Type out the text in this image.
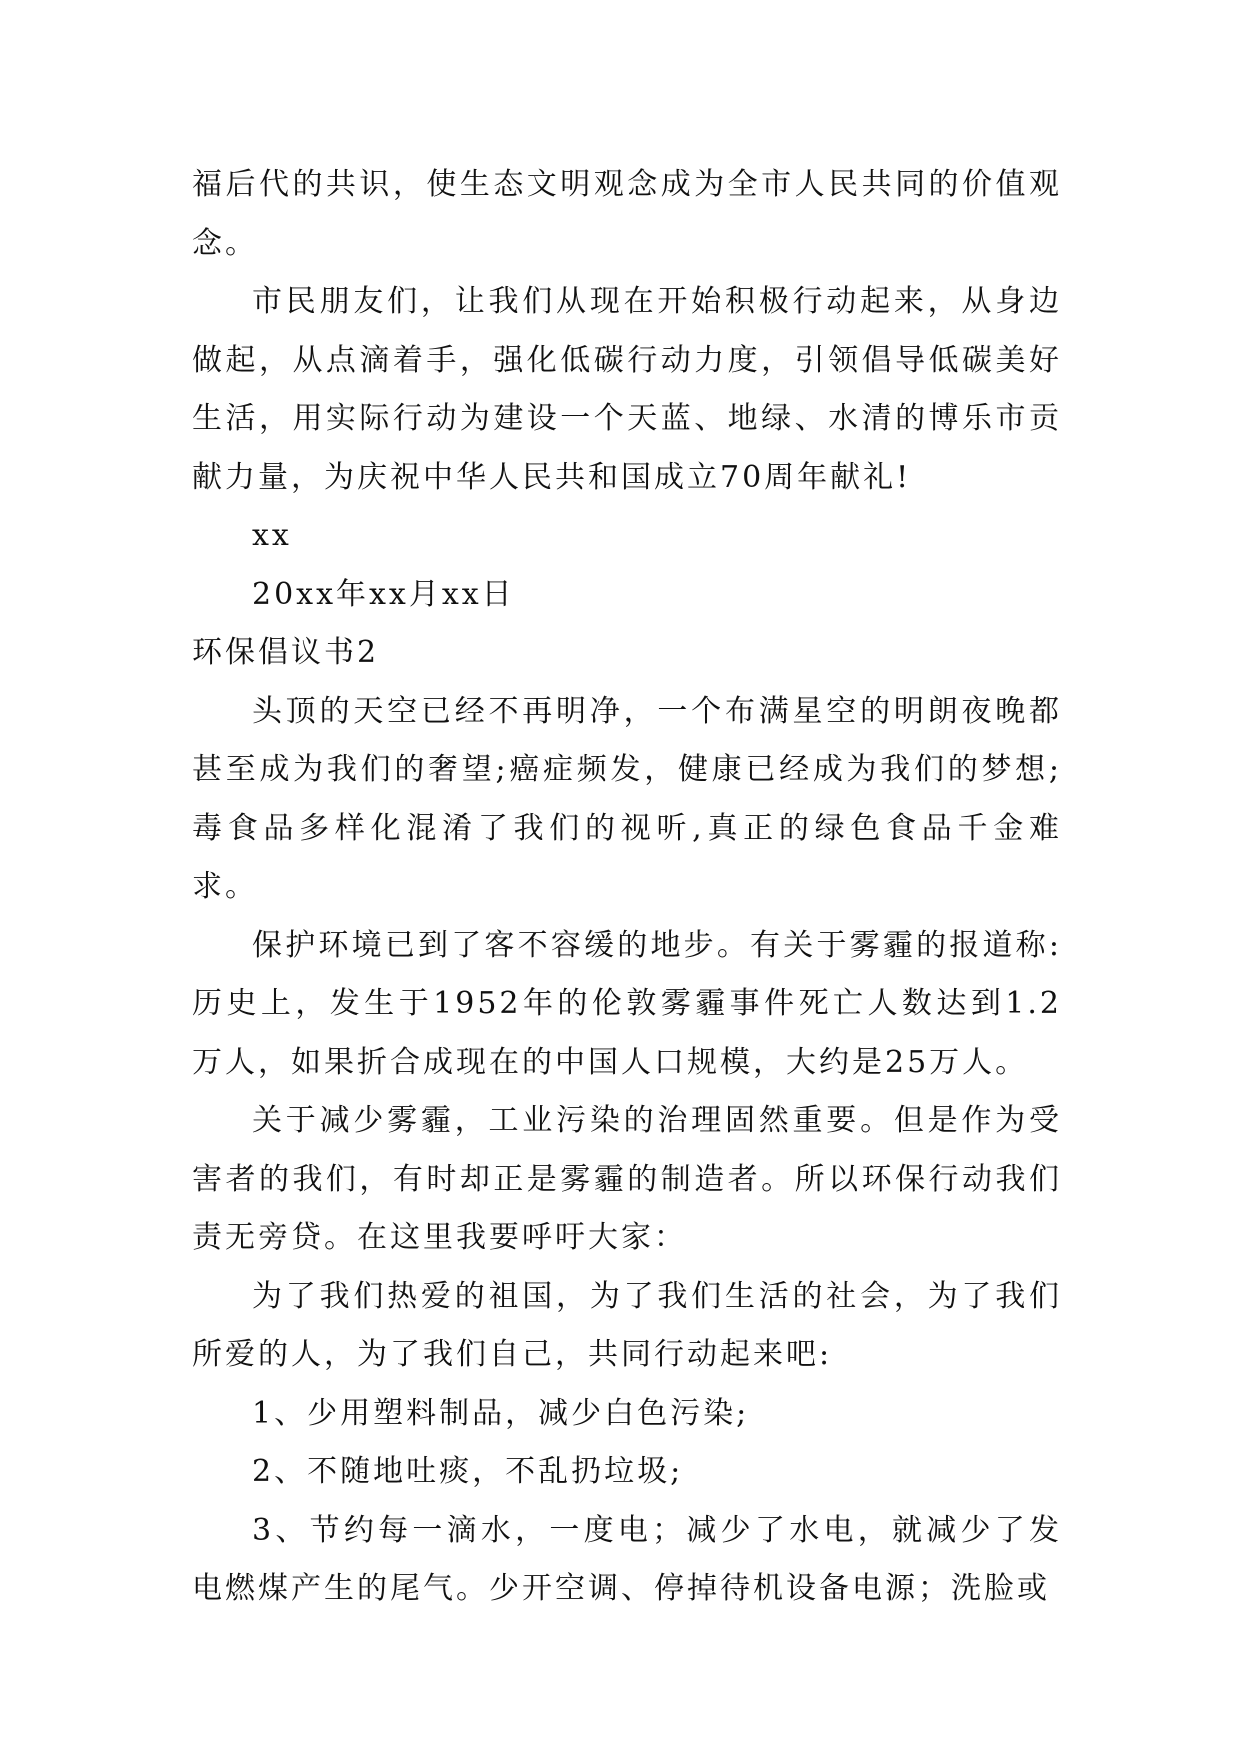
福后代的共识，使生态文明观念成为全市人民共同的价值观念。

市民朋友们，让我们从现在开始积极行动起来，从身边做起，从点滴着手，强化低碳行动力度，引领倡导低碳美好生活，用实际行动为建设一个天蓝、地绿、水清的博乐市贡献力量，为庆祝中华人民共和国成立70周年献礼!

xx

20xx年xx月xx日

环保倡议书2

头顶的天空已经不再明净，一个布满星空的明朗夜晚都甚至成为我们的奢望;癌症频发，健康已经成为我们的梦想;毒食品多样化混淆了我们的视听,真正的绿色食品千金难求。

保护环境已到了客不容缓的地步。有关于雾霾的报道称:历史上，发生于1952年的伦敦雾霾事件死亡人数达到1.2万人，如果折合成现在的中国人口规模，大约是25万人。

关于减少雾霾，工业污染的治理固然重要。但是作为受害者的我们，有时却正是雾霾的制造者。所以环保行动我们责无旁贷。在这里我要呼吁大家：

为了我们热爱的祖国，为了我们生活的社会，为了我们所爱的人，为了我们自己，共同行动起来吧:

1、少用塑料制品，减少白色污染;

2、不随地吐痰，不乱扔垃圾;

3、节约每一滴水，一度电；减少了水电，就减少了发电燃煤产生的尾气。少开空调、停掉待机设备电源；洗脸或
